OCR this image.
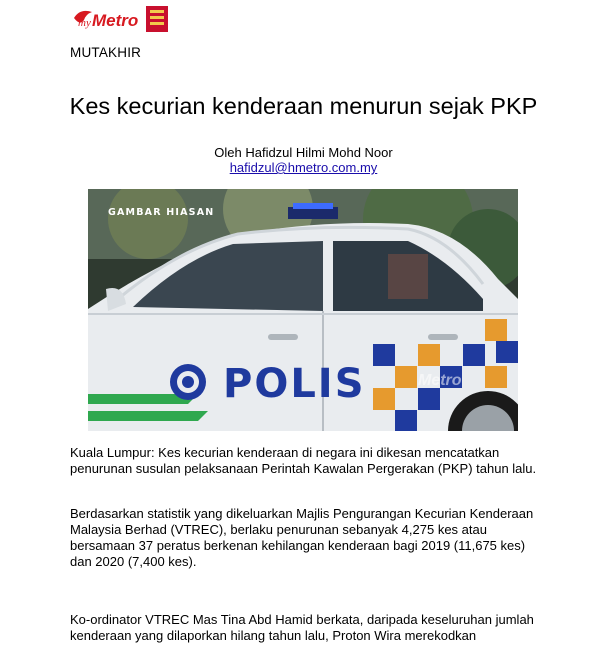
my Metro
MUTAKHIR
Kes kecurian kenderaan menurun sejak PKP
Oleh Hafidzul Hilmi Mohd Noor
hafidzul@hmetro.com.my
POLIS	Metro
GAMBAR HIASAN

Kuala Lumpur: Kes kecurian kenderaan di negara ini dikesan mencatatkan penurunan susulan pelaksanaan Perintah Kawalan Pergerakan (PKP) tahun lalu.

Berdasarkan statistik yang dikeluarkan Majlis Pengurangan Kecurian Kenderaan Malaysia Berhad (VTREC), berlaku penurunan sebanyak 4,275 kes atau bersamaan 37 peratus berkenan kehilangan kenderaan bagi 2019 (11,675 kes) dan 2020 (7,400 kes).

Ko-ordinator VTREC Mas Tina Abd Hamid berkata, daripada keseluruhan jumlah kenderaan yang dilaporkan hilang tahun lalu, Proton Wira merekodkan
